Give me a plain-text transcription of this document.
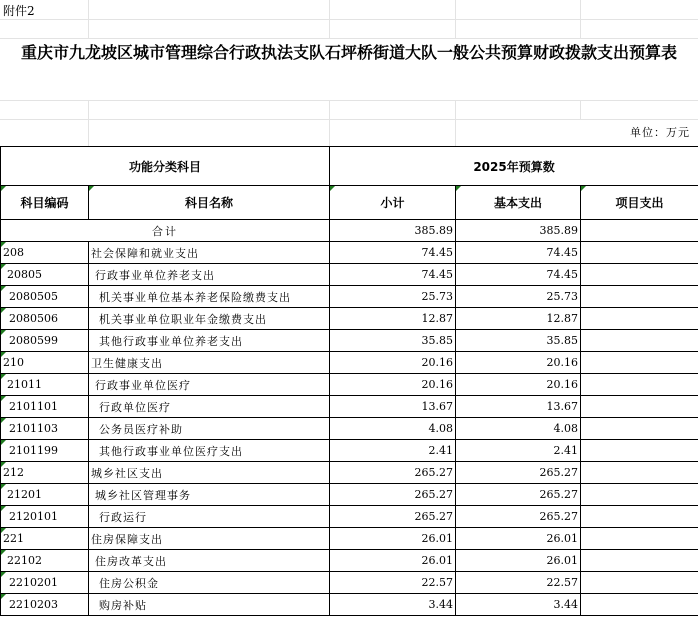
附件2
重庆市九龙坡区城市管理综合行政执法支队石坪桥街道大队一般公共预算财政拨款支出预算表
单位：万元
功能分类科目		2025年预算数		
科目编码	科目名称	小计	基本支出	项目支出
合计		385.89	385.89	
208	社会保障和就业支出	74.45	74.45	
20805	行政事业单位养老支出	74.45	74.45	
2080505	机关事业单位基本养老保险缴费支出	25.73	25.73	
2080506	机关事业单位职业年金缴费支出	12.87	12.87	
2080599	其他行政事业单位养老支出	35.85	35.85	
210	卫生健康支出	20.16	20.16	
21011	行政事业单位医疗	20.16	20.16	
2101101	行政单位医疗	13.67	13.67	
2101103	公务员医疗补助	4.08	4.08	
2101199	其他行政事业单位医疗支出	2.41	2.41	
212	城乡社区支出	265.27	265.27	
21201	城乡社区管理事务	265.27	265.27	
2120101	行政运行	265.27	265.27	
221	住房保障支出	26.01	26.01	
22102	住房改革支出	26.01	26.01	
2210201	住房公积金	22.57	22.57	
2210203	购房补贴	3.44	3.44	
